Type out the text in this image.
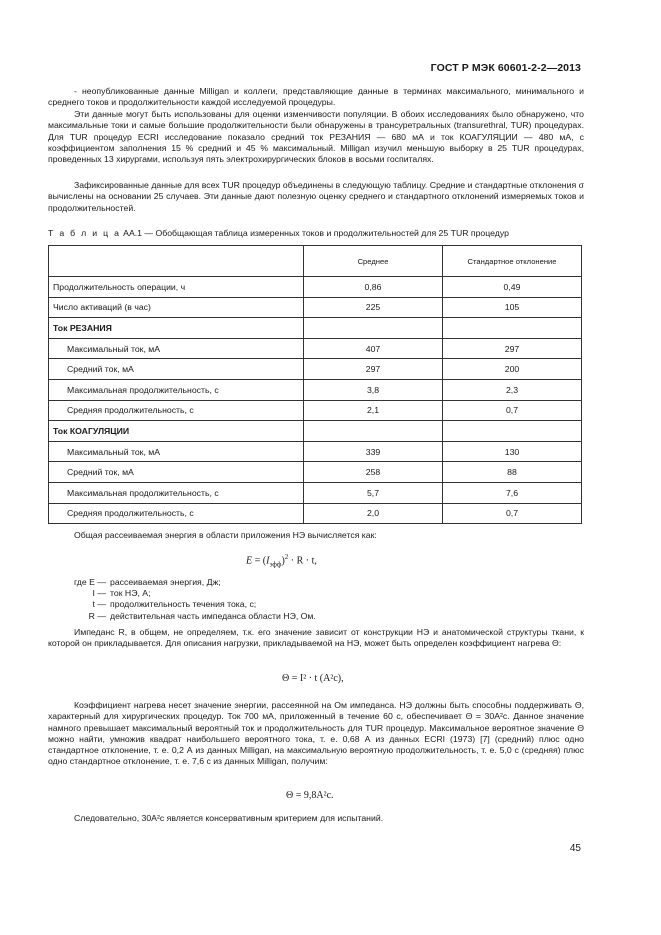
ГОСТ Р МЭК 60601-2-2—2013

- неопубликованные данные Milligan и коллеги, представляющие данные в терминах максимального, минимального и среднего токов и продолжительности каждой исследуемой процедуры.

Эти данные могут быть использованы для оценки изменчивости популяции. В обоих исследованиях было обнаружено, что максимальные токи и самые большие продолжительности были обнаружены в трансуретральных (transurethral, TUR) процедурах. Для TUR процедур ECRI исследование показало средний ток РЕЗАНИЯ — 680 мА и ток КОАГУЛЯЦИИ — 480 мА, с коэффициентом заполнения 15 % средний и 45 % максимальный. Milligan изучил меньшую выборку в 25 TUR процедурах, проведенных 13 хирургами, используя пять электрохирургических блоков в восьми госпиталях.

Зафиксированные данные для всех TUR процедур объединены в следующую таблицу. Средние и стандартные отклонения σ вычислены на основании 25 случаев. Эти данные дают полезную оценку среднего и стандартного отклонений измеряемых токов и продолжительностей.

Т а б л и ц а АА.1 — Обобщающая таблица измеренных токов и продолжительностей для 25 TUR процедур
	Среднее	Стандартное отклонение
Продолжительность операции, ч	0,86	0,49
Число активаций (в час)	225	105
Ток РЕЗАНИЯ		
Максимальный ток, мА	407	297
Средний ток, мА	297	200
Максимальная продолжительность, с	3,8	2,3
Средняя продолжительность, с	2,1	0,7
Ток КОАГУЛЯЦИИ		
Максимальный ток, мА	339	130
Средний ток, мА	258	88
Максимальная продолжительность, с	5,7	7,6
Средняя продолжительность, с	2,0	0,7

Общая рассеиваемая энергия в области приложения НЭ вычисляется как:

$E = (I_{эфф})^2 \cdot R \cdot t$,
где E — рассеиваемая энергия, Дж;
I — ток НЭ, А;
t — продолжительность течения тока, с;
R — действительная часть импеданса области НЭ, Ом.

Импеданс R, в общем, не определяем, т.к. его значение зависит от конструкции НЭ и анатомической структуры ткани, к которой он прикладывается. Для описания нагрузки, прикладываемой на НЭ, может быть определен коэффициент нагрева Θ:

Θ = I² · t (A²c),

Коэффициент нагрева несет значение энергии, рассеянной на Ом импеданса. НЭ должны быть способны поддерживать Θ, характерный для хирургических процедур. Ток 700 мА, приложенный в течение 60 с, обеспечивает Θ = 30A²c. Данное значение намного превышает максимальный вероятный ток и продолжительность для TUR процедур. Максимальное вероятное значение Θ можно найти, умножив квадрат наибольшего вероятного тока, т. е. 0,68 А из данных ECRI (1973) [7] (средний) плюс одно стандартное отклонение, т. е. 0,2 А из данных Milligan, на максимальную вероятную продолжительность, т. е. 5,0 с (средняя) плюс одно стандартное отклонение, т. е. 7,6 с из данных Milligan, получим:

Θ = 9,8A²c.

Следовательно, 30A²c является консервативным критерием для испытаний.

45
